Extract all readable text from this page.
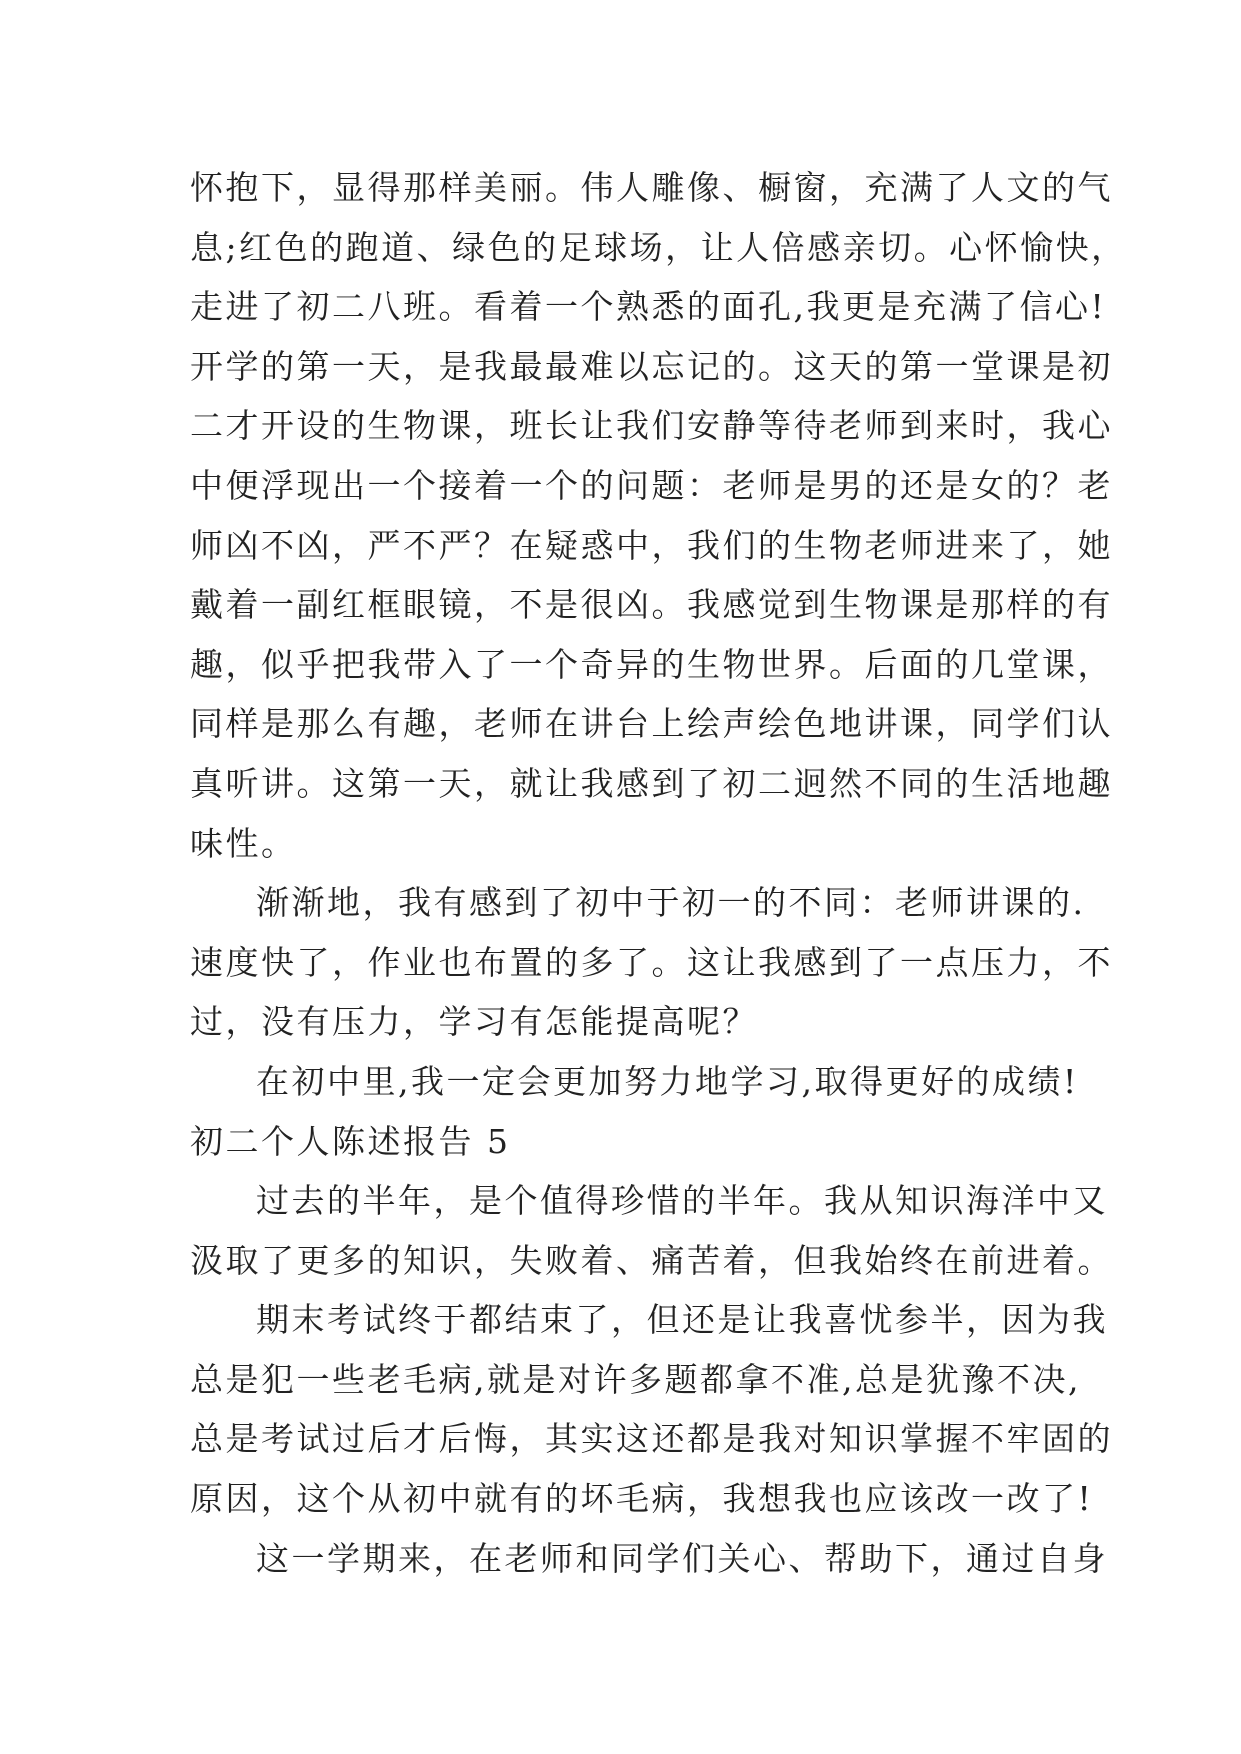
怀抱下，显得那样美丽。伟人雕像、橱窗，充满了人文的气
息;红色的跑道、绿色的足球场，让人倍感亲切。心怀愉快，
走进了初二八班。看着一个熟悉的面孔,我更是充满了信心!
开学的第一天，是我最最难以忘记的。这天的第一堂课是初
二才开设的生物课，班长让我们安静等待老师到来时，我心
中便浮现出一个接着一个的问题：老师是男的还是女的？老
师凶不凶，严不严？在疑惑中，我们的生物老师进来了，她
戴着一副红框眼镜，不是很凶。我感觉到生物课是那样的有
趣，似乎把我带入了一个奇异的生物世界。后面的几堂课，
同样是那么有趣，老师在讲台上绘声绘色地讲课，同学们认
真听讲。这第一天，就让我感到了初二迥然不同的生活地趣
味性。
渐渐地，我有感到了初中于初一的不同：老师讲课的.
速度快了，作业也布置的多了。这让我感到了一点压力，不
过，没有压力，学习有怎能提高呢？
在初中里,我一定会更加努力地学习,取得更好的成绩!
初二个人陈述报告 5
过去的半年，是个值得珍惜的半年。我从知识海洋中又
汲取了更多的知识，失败着、痛苦着，但我始终在前进着。
期末考试终于都结束了，但还是让我喜忧参半，因为我
总是犯一些老毛病,就是对许多题都拿不准,总是犹豫不决,
总是考试过后才后悔，其实这还都是我对知识掌握不牢固的
原因，这个从初中就有的坏毛病，我想我也应该改一改了!
这一学期来，在老师和同学们关心、帮助下，通过自身
